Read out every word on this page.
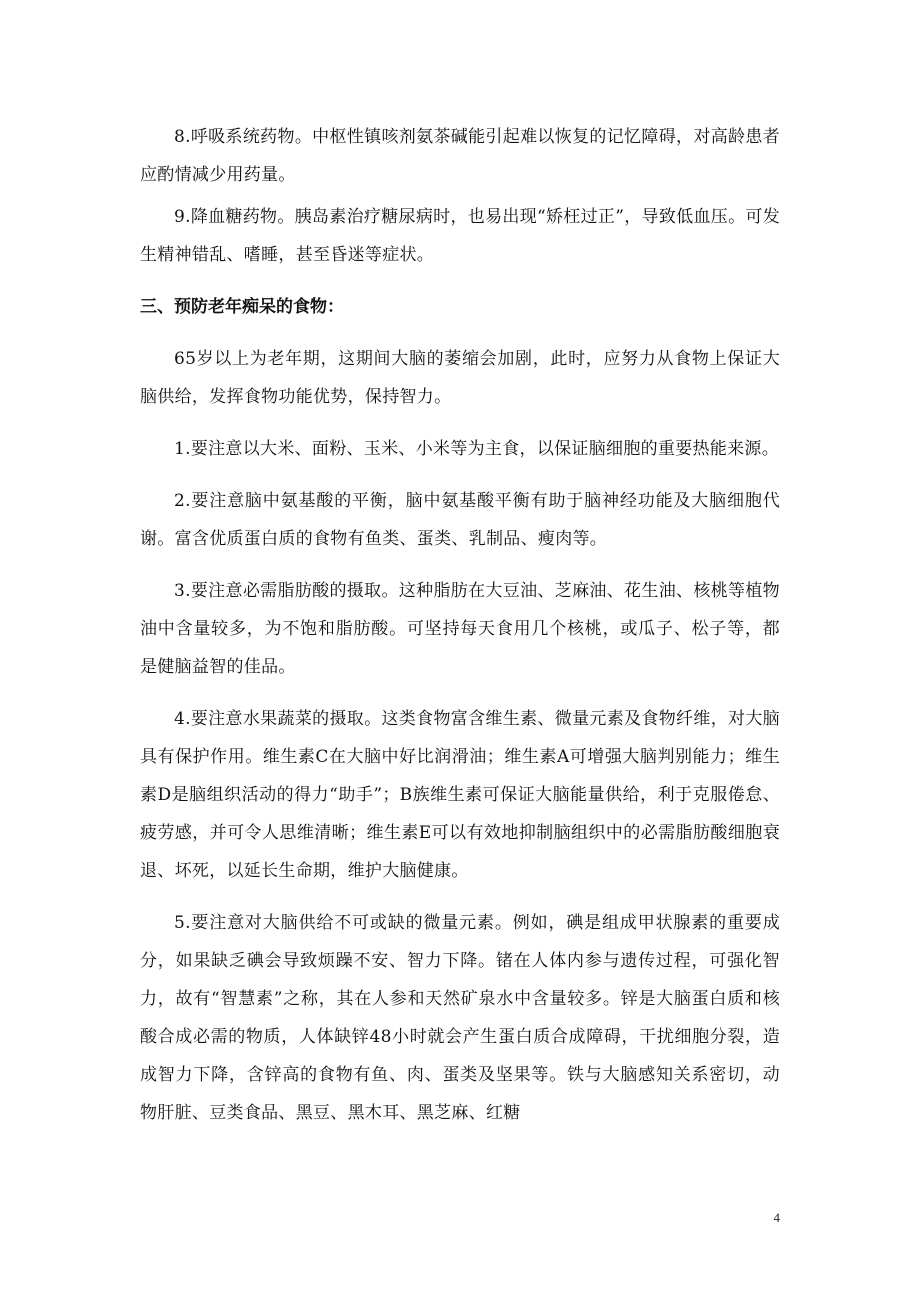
8.呼吸系统药物。中枢性镇咳剂氨茶碱能引起难以恢复的记忆障碍，对高龄患者应酌情减少用药量。

9.降血糖药物。胰岛素治疗糖尿病时，也易出现“矫枉过正”，导致低血压。可发生精神错乱、嗜睡，甚至昏迷等症状。

三、预防老年痴呆的食物：

65岁以上为老年期，这期间大脑的萎缩会加剧，此时，应努力从食物上保证大脑供给，发挥食物功能优势，保持智力。

1.要注意以大米、面粉、玉米、小米等为主食，以保证脑细胞的重要热能来源。

2.要注意脑中氨基酸的平衡，脑中氨基酸平衡有助于脑神经功能及大脑细胞代谢。富含优质蛋白质的食物有鱼类、蛋类、乳制品、瘦肉等。

3.要注意必需脂肪酸的摄取。这种脂肪在大豆油、芝麻油、花生油、核桃等植物油中含量较多，为不饱和脂肪酸。可坚持每天食用几个核桃，或瓜子、松子等，都是健脑益智的佳品。

4.要注意水果蔬菜的摄取。这类食物富含维生素、微量元素及食物纤维，对大脑具有保护作用。维生素C在大脑中好比润滑油；维生素A可增强大脑判别能力；维生素D是脑组织活动的得力“助手”；B族维生素可保证大脑能量供给，利于克服倦怠、疲劳感，并可令人思维清晰；维生素E可以有效地抑制脑组织中的必需脂肪酸细胞衰退、坏死，以延长生命期，维护大脑健康。

5.要注意对大脑供给不可或缺的微量元素。例如，碘是组成甲状腺素的重要成分，如果缺乏碘会导致烦躁不安、智力下降。锗在人体内参与遗传过程，可强化智力，故有“智慧素”之称，其在人参和天然矿泉水中含量较多。锌是大脑蛋白质和核酸合成必需的物质，人体缺锌48小时就会产生蛋白质合成障碍，干扰细胞分裂，造成智力下降，含锌高的食物有鱼、肉、蛋类及坚果等。铁与大脑感知关系密切，动物肝脏、豆类食品、黑豆、黑木耳、黑芝麻、红糖

4
